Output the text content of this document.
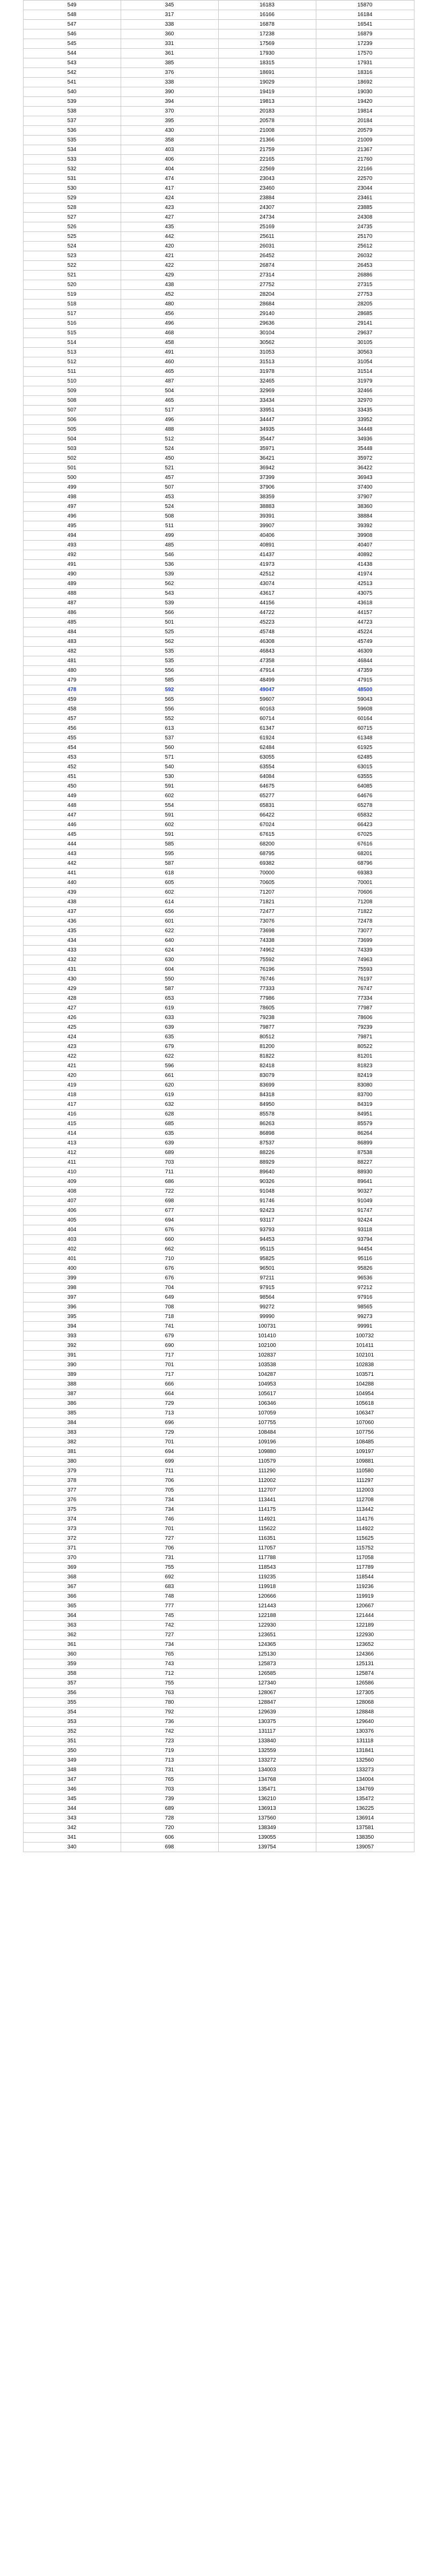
549	345	16183	15870
548	317	16166	16184
547	338	16878	16541
546	360	17238	16879
545	331	17569	17239
544	361	17930	17570
543	385	18315	17931
542	376	18691	18316
541	338	19029	18692
540	390	19419	19030
539	394	19813	19420
538	370	20183	19814
537	395	20578	20184
536	430	21008	20579
535	358	21366	21009
534	403	21759	21367
533	406	22165	21760
532	404	22569	22166
531	474	23043	22570
530	417	23460	23044
529	424	23884	23461
528	423	24307	23885
527	427	24734	24308
526	435	25169	24735
525	442	25611	25170
524	420	26031	25612
523	421	26452	26032
522	422	26874	26453
521	429	27314	26886
520	438	27752	27315
519	452	28204	27753
518	480	28684	28205
517	456	29140	28685
516	496	29636	29141
515	468	30104	29637
514	458	30562	30105
513	491	31053	30563
512	460	31513	31054
511	465	31978	31514
510	487	32465	31979
509	504	32969	32466
508	465	33434	32970
507	517	33951	33435
506	496	34447	33952
505	488	34935	34448
504	512	35447	34936
503	524	35971	35448
502	450	36421	35972
501	521	36942	36422
500	457	37399	36943
499	507	37906	37400
498	453	38359	37907
497	524	38883	38360
496	508	39391	38884
495	511	39907	39392
494	499	40406	39908
493	485	40891	40407
492	546	41437	40892
491	536	41973	41438
490	539	42512	41974
489	562	43074	42513
488	543	43617	43075
487	539	44156	43618
486	566	44722	44157
485	501	45223	44723
484	525	45748	45224
483	562	46308	45749
482	535	46843	46309
481	535	47358	46844
480	556	47914	47359
479	585	48499	47915
478	592	49047	48500
459	565	59607	59043
458	556	60163	59608
457	552	60714	60164
456	613	61347	60715
455	537	61924	61348
454	560	62484	61925
453	571	63055	62485
452	540	63554	63015
451	530	64084	63555
450	591	64675	64085
449	602	65277	64676
448	554	65831	65278
447	591	66422	65832
446	602	67024	66423
445	591	67615	67025
444	585	68200	67616
443	595	68795	68201
442	587	69382	68796
441	618	70000	69383
440	605	70605	70001
439	602	71207	70606
438	614	71821	71208
437	656	72477	71822
436	601	73076	72478
435	622	73698	73077
434	640	74338	73699
433	624	74962	74339
432	630	75592	74963
431	604	76196	75593
430	550	76746	76197
429	587	77333	76747
428	653	77986	77334
427	619	78605	77987
426	633	79238	78606
425	639	79877	79239
424	635	80512	79871
423	679	81200	80522
422	622	81822	81201
421	596	82418	81823
420	661	83079	82419
419	620	83699	83080
418	619	84318	83700
417	632	84950	84319
416	628	85578	84951
415	685	86263	85579
414	635	86898	86264
413	639	87537	86899
412	689	88226	87538
411	703	88929	88227
410	711	89640	88930
409	686	90326	89641
408	722	91048	90327
407	698	91746	91049
406	677	92423	91747
405	694	93117	92424
404	676	93793	93118
403	660	94453	93794
402	662	95115	94454
401	710	95825	95116
400	676	96501	95826
399	676	97211	96536
398	704	97915	97212
397	649	98564	97916
396	708	99272	98565
395	718	99990	99273
394	741	100731	99991
393	679	101410	100732
392	690	102100	101411
391	717	102837	102101
390	701	103538	102838
389	717	104287	103571
388	666	104953	104288
387	664	105617	104954
386	729	106346	105618
385	713	107059	106347
384	696	107755	107060
383	729	108484	107756
382	701	109196	108485
381	694	109880	109197
380	699	110579	109881
379	711	111290	110580
378	706	112002	111297
377	705	112707	112003
376	734	113441	112708
375	734	114175	113442
374	746	114921	114176
373	701	115622	114922
372	727	116351	115625
371	706	117057	115752
370	731	117788	117058
369	755	118543	117789
368	692	119235	118544
367	683	119918	119236
366	748	120666	119919
365	777	121443	120667
364	745	122188	121444
363	742	122930	122189
362	727	123651	122930
361	734	124365	123652
360	765	125130	124366
359	743	125873	125131
358	712	126585	125874
357	755	127340	126586
356	763	128067	127305
355	780	128847	128068
354	792	129639	128848
353	736	130375	129640
352	742	131117	130376
351	723	133840	131118
350	719	132559	131841
349	713	133272	132560
348	731	134003	133273
347	765	134768	134004
346	703	135471	134769
345	739	136210	135472
344	689	136913	136225
343	728	137560	136914
342	720	138349	137581
341	606	139055	138350
340	698	139754	139057
